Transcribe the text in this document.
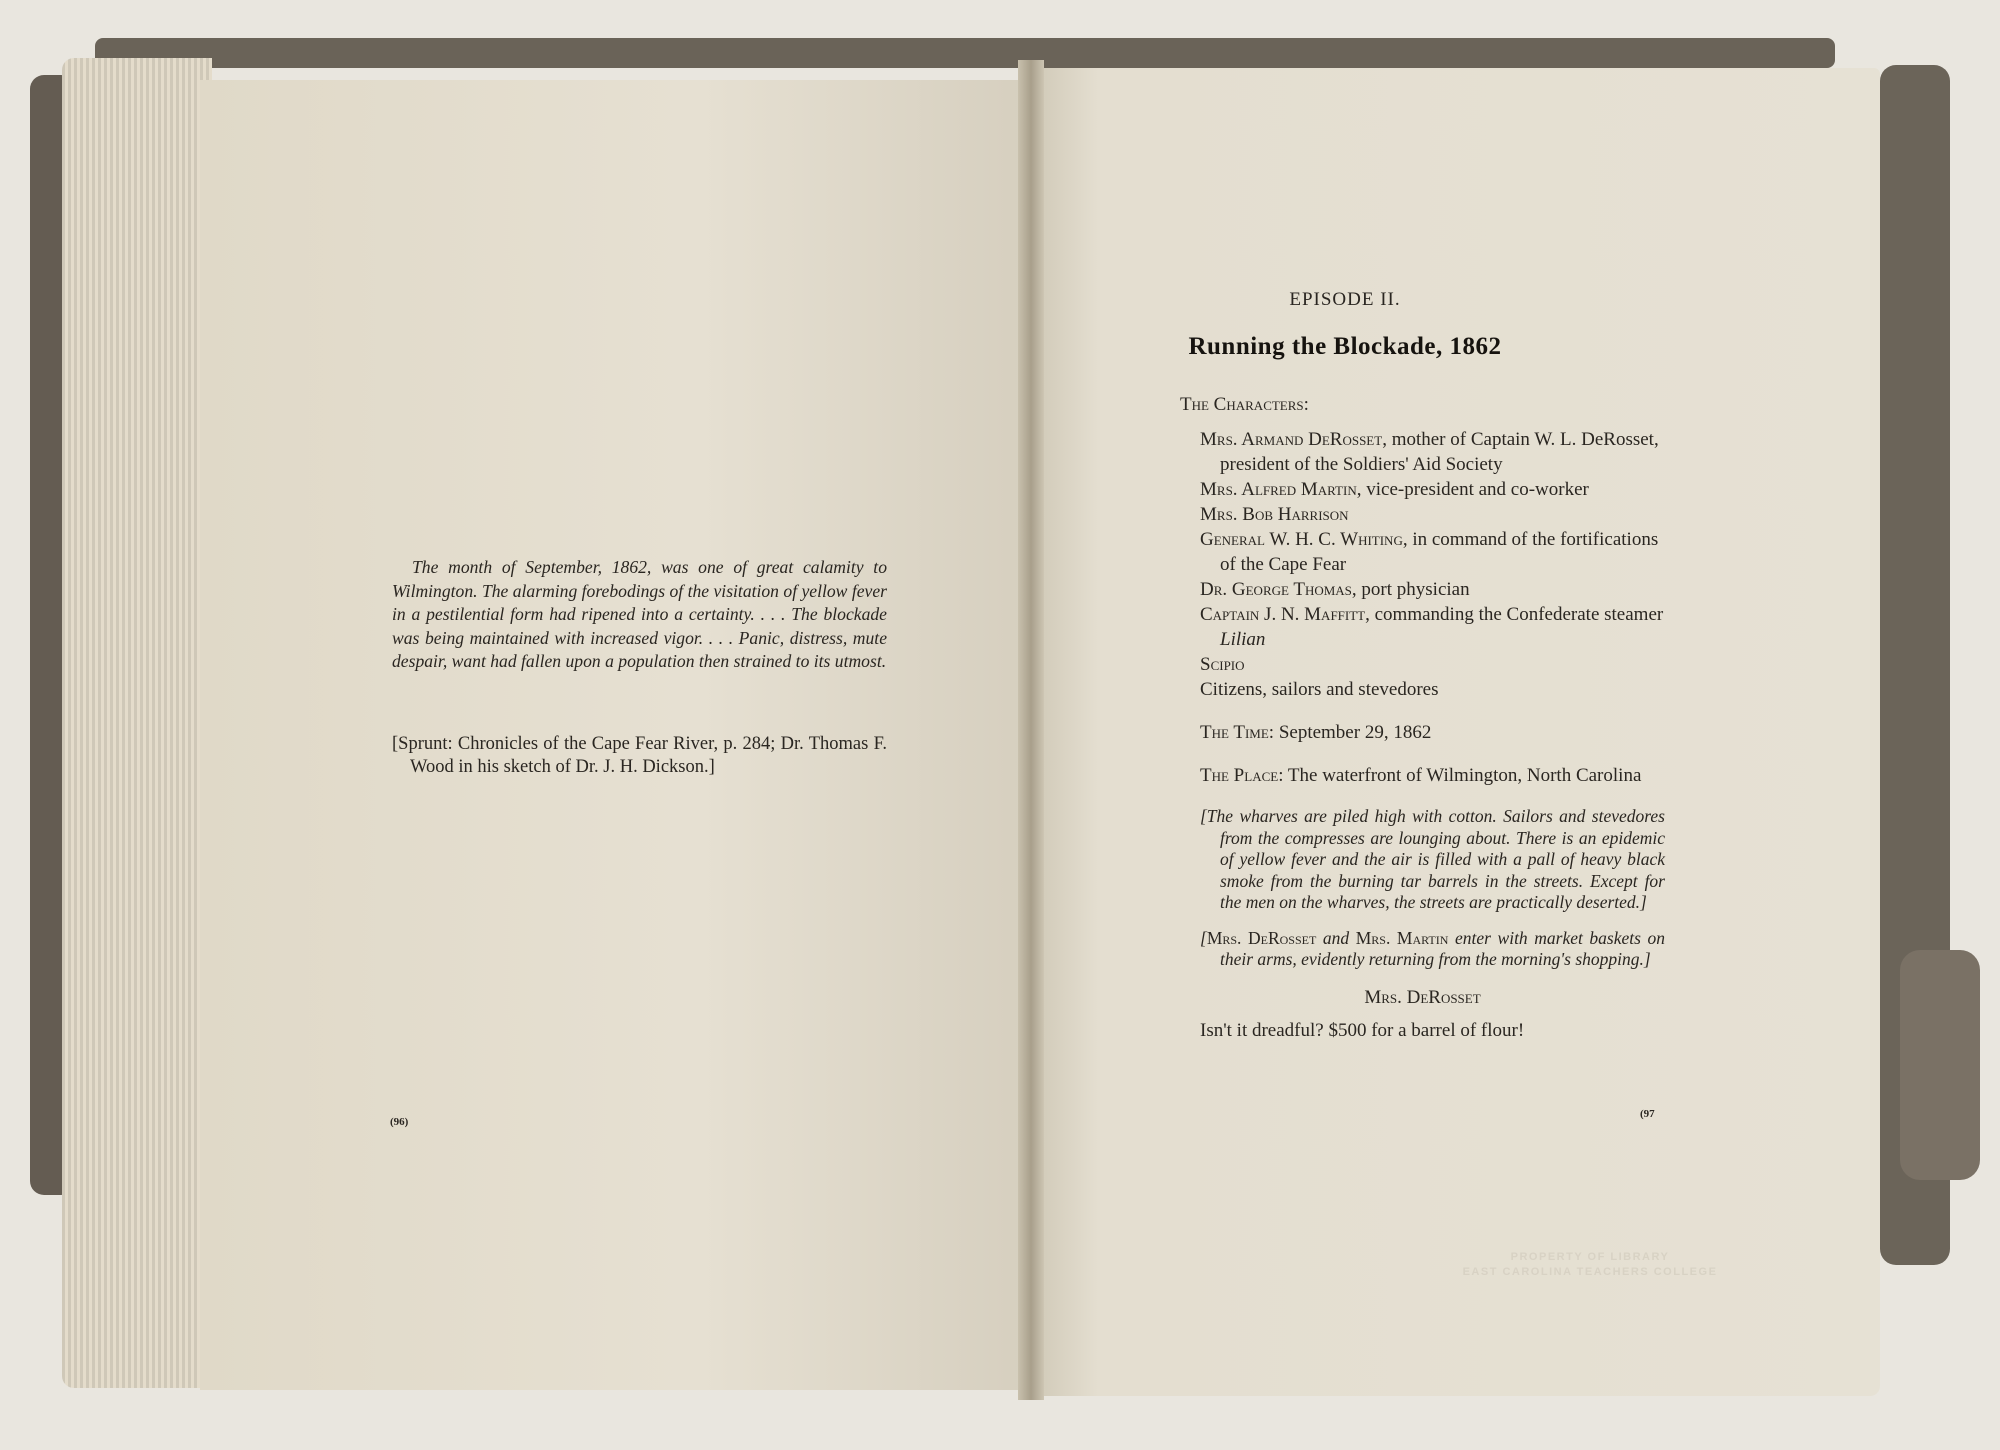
The month of September, 1862, was one of great calamity to Wilmington. The alarming forebodings of the visitation of yellow fever in a pestilential form had ripened into a certainty. . . . The blockade was being maintained with increased vigor. . . . Panic, distress, mute despair, want had fallen upon a population then strained to its utmost.

[Sprunt: Chronicles of the Cape Fear River, p. 284; Dr. Thomas F. Wood in his sketch of Dr. J. H. Dickson.]

(96)
EPISODE II.
Running the Blockade, 1862
The Characters:
Mrs. Armand DeRosset, mother of Captain W. L. DeRosset, president of the Soldiers' Aid Society
Mrs. Alfred Martin, vice-president and co-worker
Mrs. Bob Harrison
General W. H. C. Whiting, in command of the fortifications of the Cape Fear
Dr. George Thomas, port physician
Captain J. N. Maffitt, commanding the Confederate steamer Lilian
Scipio
Citizens, sailors and stevedores
The Time: September 29, 1862
The Place: The waterfront of Wilmington, North Carolina

[The wharves are piled high with cotton. Sailors and stevedores from the compresses are lounging about. There is an epidemic of yellow fever and the air is filled with a pall of heavy black smoke from the burning tar barrels in the streets. Except for the men on the wharves, the streets are practically deserted.]

[Mrs. DeRosset and Mrs. Martin enter with market baskets on their arms, evidently returning from the morning's shopping.]

Mrs. DeRosset

Isn't it dreadful? $500 for a barrel of flour!

(97
PROPERTY OF LIBRARY
EAST CAROLINA TEACHERS COLLEGE
